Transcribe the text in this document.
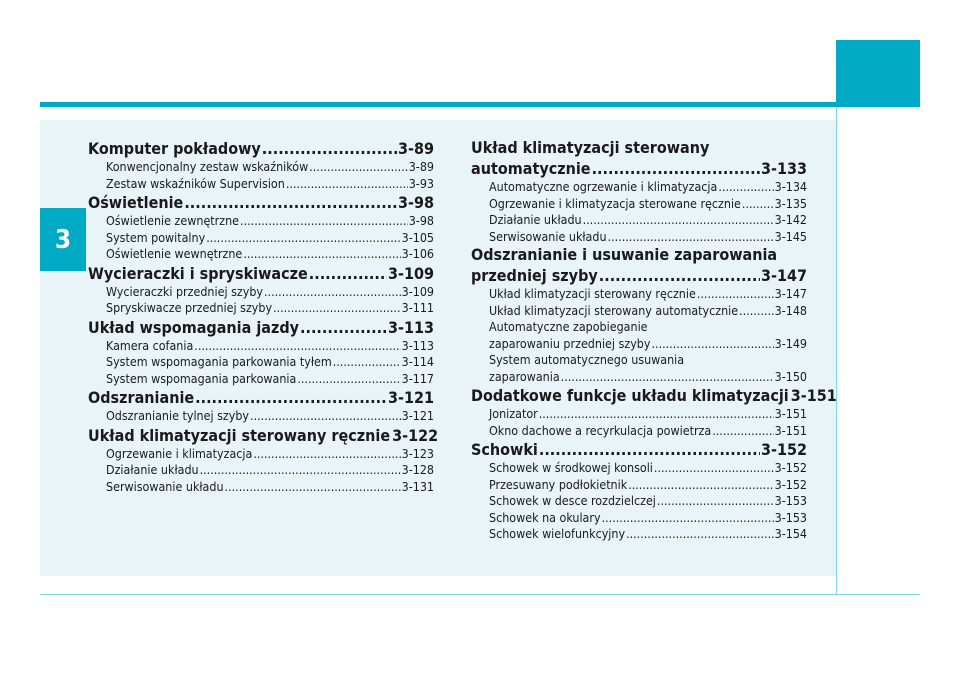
3
Komputer pokładowy .....	3-89
Konwencjonalny zestaw wskaźników .....	3-89
Zestaw wskaźników Supervision .....	3-93
Oświetlenie .....	3-98
Oświetlenie zewnętrzne .....	3-98
System powitalny .....	3-105
Oświetlenie wewnętrzne .....	3-106
Wycieraczki i spryskiwacze .....	3-109
Wycieraczki przedniej szyby .....	3-109
Spryskiwacze przedniej szyby .....	3-111
Układ wspomagania jazdy .....	3-113
Kamera cofania .....	3-113
System wspomagania parkowania tyłem .....	3-114
System wspomagania parkowania .....	3-117
Odszranianie .....	3-121
Odszranianie tylnej szyby .....	3-121
Układ klimatyzacji sterowany ręcznie 3-122
Ogrzewanie i klimatyzacja .....	3-123
Działanie układu .....	3-128
Serwisowanie układu .....	3-131
Układ klimatyzacji sterowany
automatycznie .....	3-133
Automatyczne ogrzewanie i klimatyzacja .....	3-134
Ogrzewanie i klimatyzacja sterowane ręcznie .....	3-135
Działanie układu .....	3-142
Serwisowanie układu .....	3-145
Odszranianie i usuwanie zaparowania
przedniej szyby .....	3-147
Układ klimatyzacji sterowany ręcznie .....	3-147
Układ klimatyzacji sterowany automatycznie .....	3-148
Automatyczne zapobieganie
zaparowaniu przedniej szyby .....	3-149
System automatycznego usuwania
zaparowania .....	3-150
Dodatkowe funkcje układu klimatyzacji 3-151
Jonizator .....	3-151
Okno dachowe a recyrkulacja powietrza .....	3-151
Schowki .....	3-152
Schowek w środkowej konsoli .....	3-152
Przesuwany podłokietnik .....	3-152
Schowek w desce rozdzielczej .....	3-153
Schowek na okulary .....	3-153
Schowek wielofunkcyjny .....	3-154
